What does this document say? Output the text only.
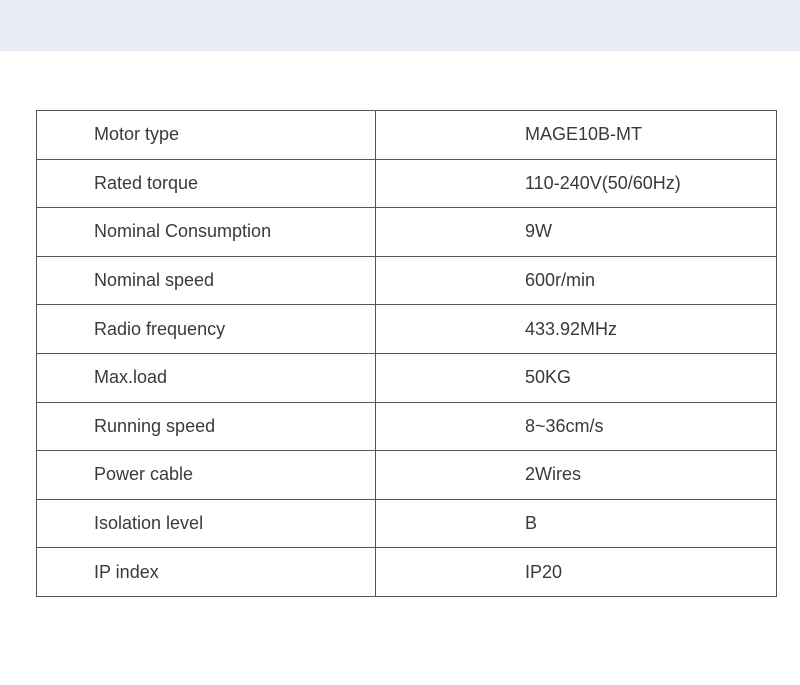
Motor type	MAGE10B-MT
Rated torque	110-240V(50/60Hz)
Nominal Consumption	9W
Nominal speed	600r/min
Radio frequency	433.92MHz
Max.load	50KG
Running speed	8~36cm/s
Power cable	2Wires
Isolation level	B
IP index	IP20
